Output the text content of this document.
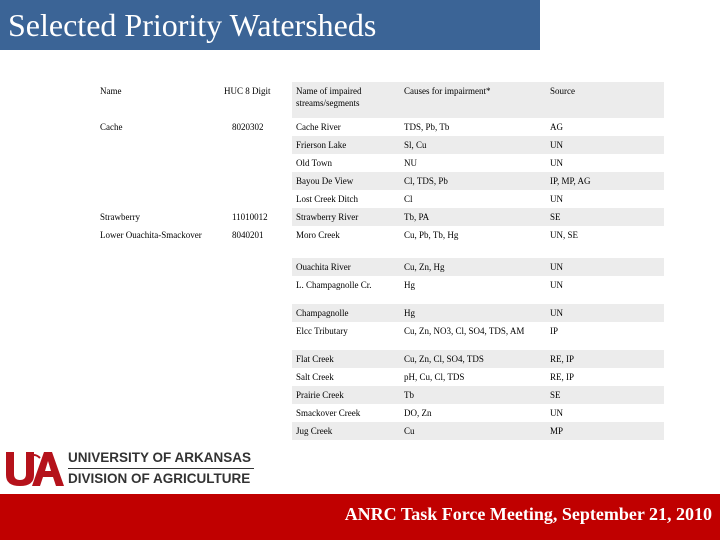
Selected Priority Watersheds
Name	HUC 8 Digit	Name of impaired streams/segments	Causes for impairment*	Source
Cache	8020302	Cache River	TDS, Pb, Tb	AG
		Frierson Lake	Sl, Cu	UN
		Old Town	NU	UN
		Bayou De View	Cl, TDS, Pb	IP, MP, AG
		Lost Creek Ditch	Cl	UN
Strawberry	11010012	Strawberry River	Tb, PA	SE
Lower Ouachita-Smackover	8040201	Moro Creek	Cu, Pb, Tb, Hg	UN, SE
		Ouachita River	Cu, Zn, Hg	UN
		L. Champagnolle Cr.	Hg	UN
		Champagnolle	Hg	UN
		Elcc Tributary	Cu, Zn, NO3, Cl, SO4, TDS, AM	IP
		Flat Creek	Cu, Zn, Cl, SO4, TDS	RE, IP
		Salt Creek	pH, Cu, Cl, TDS	RE, IP
		Prairie Creek	Tb	SE
		Smackover Creek	DO, Zn	UN
		Jug Creek	Cu	MP
UNIVERSITY OF ARKANSAS
DIVISION OF AGRICULTURE
ANRC Task Force Meeting, September 21, 2010
